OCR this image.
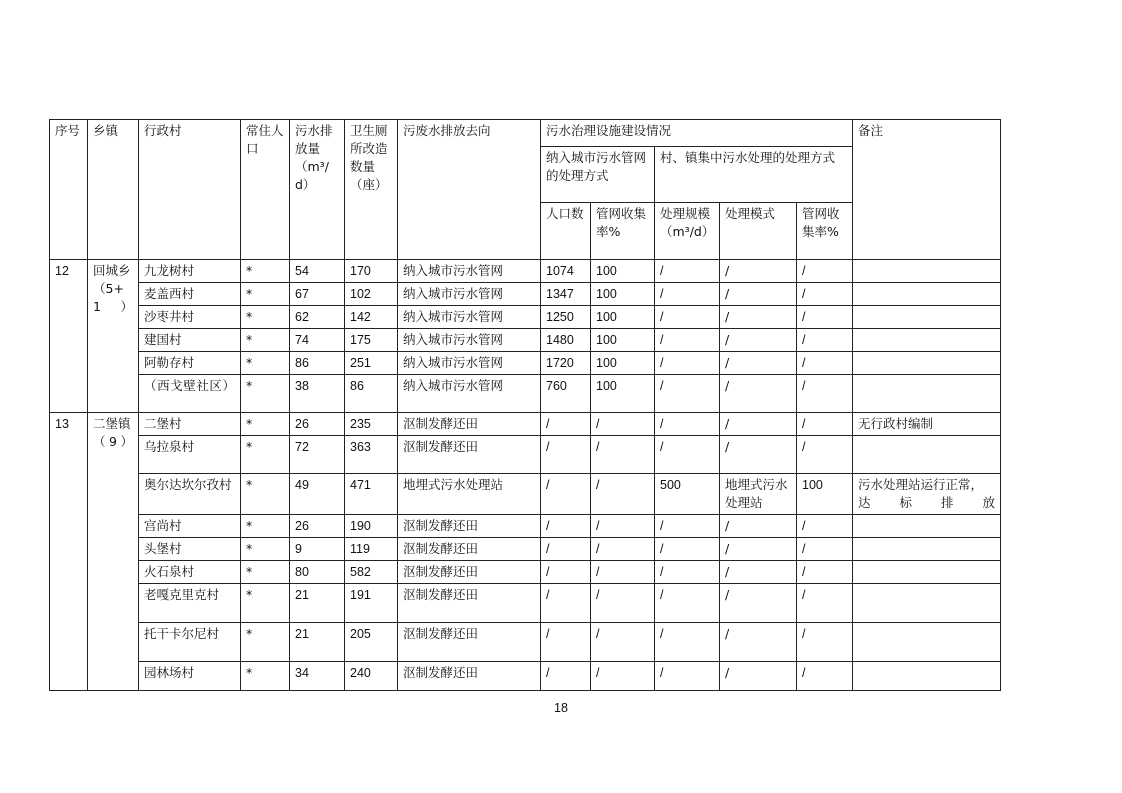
序号	乡镇	行政村	常住人口	污水排放量（m³/d）	卫生厕所改造数量（座）	污废水排放去向	污水治理设施建设情况					备注
							纳入城市污水管网的处理方式		村、镇集中污水处理的处理方式			
							人口数	管网收集率%	处理规模（m³/d）	处理模式	管网收集率%	
12	回城乡（5+1）	九龙树村	*	54	170	纳入城市污水管网	1074	100	/	/	/	
		麦盖西村	*	67	102	纳入城市污水管网	1347	100	/	/	/	
		沙枣井村	*	62	142	纳入城市污水管网	1250	100	/	/	/	
		建国村	*	74	175	纳入城市污水管网	1480	100	/	/	/	
		阿勒存村	*	86	251	纳入城市污水管网	1720	100	/	/	/	
		（西戈壁社区）	*	38	86	纳入城市污水管网	760	100	/	/	/	
13	二堡镇（9）	二堡村	*	26	235	沤制发酵还田	/	/	/	/	/	无行政村编制
		乌拉泉村	*	72	363	沤制发酵还田	/	/	/	/	/	
		奥尔达坎尔孜村	*	49	471	地埋式污水处理站	/	/	500	地埋式污水处理站	100	污水处理站运行正常，达标排放
		宫尚村	*	26	190	沤制发酵还田	/	/	/	/	/	
		头堡村	*	9	119	沤制发酵还田	/	/	/	/	/	
		火石泉村	*	80	582	沤制发酵还田	/	/	/	/	/	
		老嘎克里克村	*	21	191	沤制发酵还田	/	/	/	/	/	
		托干卡尔尼村	*	21	205	沤制发酵还田	/	/	/	/	/	
		园林场村	*	34	240	沤制发酵还田	/	/	/	/	/	
18
